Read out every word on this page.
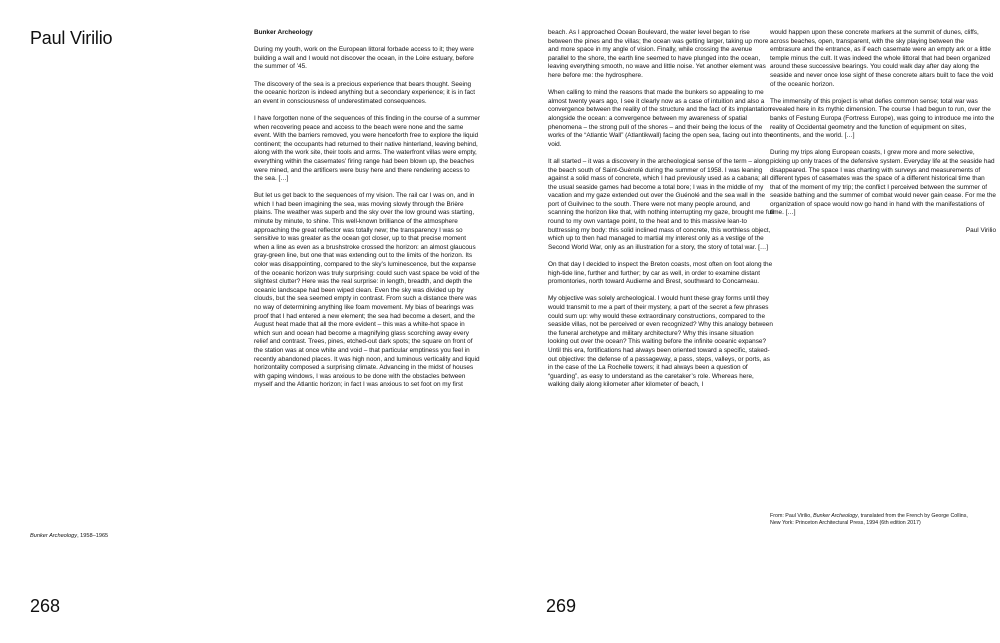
Paul Virilio
Bunker Archeology, 1958–1965
268	269

Bunker Archeology

During my youth, work on the European littoral forbade access to it; they were building a wall and I would not discover the ocean, in the Loire estuary, before the summer of ’45.

The discovery of the sea is a precious experience that bears thought. Seeing the oceanic horizon is indeed anything but a secondary experience; it is in fact an event in consciousness of underestimated consequences.

I have forgotten none of the sequences of this finding in the course of a summer when recovering peace and access to the beach were none and the same event. With the barriers removed, you were henceforth free to explore the liquid continent; the occupants had returned to their native hinterland, leaving behind, along with the work site, their tools and arms. The waterfront villas were empty, everything within the casemates’ firing range had been blown up, the beaches were mined, and the artificers were busy here and there rendering access to the sea. […]

But let us get back to the sequences of my vision. The rail car I was on, and in which I had been imagining the sea, was moving slowly through the Brière plains. The weather was superb and the sky over the low ground was starting, minute by minute, to shine. This well-known brilliance of the atmosphere approaching the great reflector was totally new; the transparency I was so sensitive to was greater as the ocean got closer, up to that precise moment when a line as even as a brushstroke crossed the horizon: an almost glaucous gray-green line, but one that was extending out to the limits of the horizon. Its color was disappointing, compared to the sky’s luminescence, but the expanse of the oceanic horizon was truly surprising: could such vast space be void of the slightest clutter? Here was the real surprise: in length, breadth, and depth the oceanic landscape had been wiped clean. Even the sky was divided up by clouds, but the sea seemed empty in contrast. From such a distance there was no way of determining anything like foam movement. My bias of bearings was proof that I had entered a new element; the sea had become a desert, and the August heat made that all the more evident – this was a white-hot space in which sun and ocean had become a magnifying glass scorching away every relief and contrast. Trees, pines, etched-out dark spots; the square on front of the station was at once white and void – that particular emptiness you feel in recently abandoned places. It was high noon, and luminous verticality and liquid horizontality composed a surprising climate. Advancing in the midst of houses with gaping windows, I was anxious to be done with the obstacles between myself and the Atlantic horizon; in fact I was anxious to set foot on my first

beach. As I approached Ocean Boulevard, the water level began to rise between the pines and the villas; the ocean was getting larger, taking up more and more space in my angle of vision. Finally, while crossing the avenue parallel to the shore, the earth line seemed to have plunged into the ocean, leaving everything smooth, no wave and little noise. Yet another element was here before me: the hydrosphere.

When calling to mind the reasons that made the bunkers so appealing to me almost twenty years ago, I see it clearly now as a case of intuition and also a convergence between the reality of the structure and the fact of its implantation alongside the ocean: a convergence between my awareness of spatial phenomena – the strong pull of the shores – and their being the locus of the works of the “Atlantic Wall” (Atlantikwall) facing the open sea, facing out into the void.

It all started – it was a discovery in the archeological sense of the term – along the beach south of Saint-Guénolé during the summer of 1958. I was leaning against a solid mass of concrete, which I had previously used as a cabana; all the usual seaside games had become a total bore; I was in the middle of my vacation and my gaze extended out over the Guénolé and the sea wall in the port of Guilvinec to the south. There were not many people around, and scanning the horizon like that, with nothing interrupting my gaze, brought me full round to my own vantage point, to the heat and to this massive lean-to buttressing my body: this solid inclined mass of concrete, this worthless object, which up to then had managed to martial my interest only as a vestige of the Second World War, only as an illustration for a story, the story of total war. […]

On that day I decided to inspect the Breton coasts, most often on foot along the high-tide line, further and further; by car as well, in order to examine distant promontories, north toward Audierne and Brest, southward to Concarneau.

My objective was solely archeological. I would hunt these gray forms until they would transmit to me a part of their mystery, a part of the secret a few phrases could sum up: why would these extraordinary constructions, compared to the seaside villas, not be perceived or even recognized? Why this analogy between the funeral archetype and military architecture? Why this insane situation looking out over the ocean? This waiting before the infinite oceanic expanse? Until this era, fortifications had always been oriented toward a specific, staked-out objective: the defense of a passageway, a pass, steps, valleys, or ports, as in the case of the La Rochelle towers; it had always been a question of “guarding”, as easy to understand as the caretaker’s role. Whereas here, walking daily along kilometer after kilometer of beach, I

would happen upon these concrete markers at the summit of dunes, cliffs, across beaches, open, transparent, with the sky playing between the embrasure and the entrance, as if each casemate were an empty ark or a little temple minus the cult. It was indeed the whole littoral that had been organized around these successive bearings. You could walk day after day along the seaside and never once lose sight of these concrete altars built to face the void of the oceanic horizon.

The immensity of this project is what defies common sense; total war was revealed here in its mythic dimension. The course I had begun to run, over the banks of Festung Europa (Fortress Europe), was going to introduce me into the reality of Occidental geometry and the function of equipment on sites, continents, and the world. […]

During my trips along European coasts, I grew more and more selective, picking up only traces of the defensive system. Everyday life at the seaside had disappeared. The space I was charting with surveys and measurements of different types of casemates was the space of a different historical time than that of the moment of my trip; the conflict I perceived between the summer of seaside bathing and the summer of combat would never gain cease. For me the organization of space would now go hand in hand with the manifestations of time. […]

Paul Virilio

From: Paul Virilio, Bunker Archeology, translated from the French by George Collins, New York: Princeton Architectural Press, 1994 (6th edition 2017)
